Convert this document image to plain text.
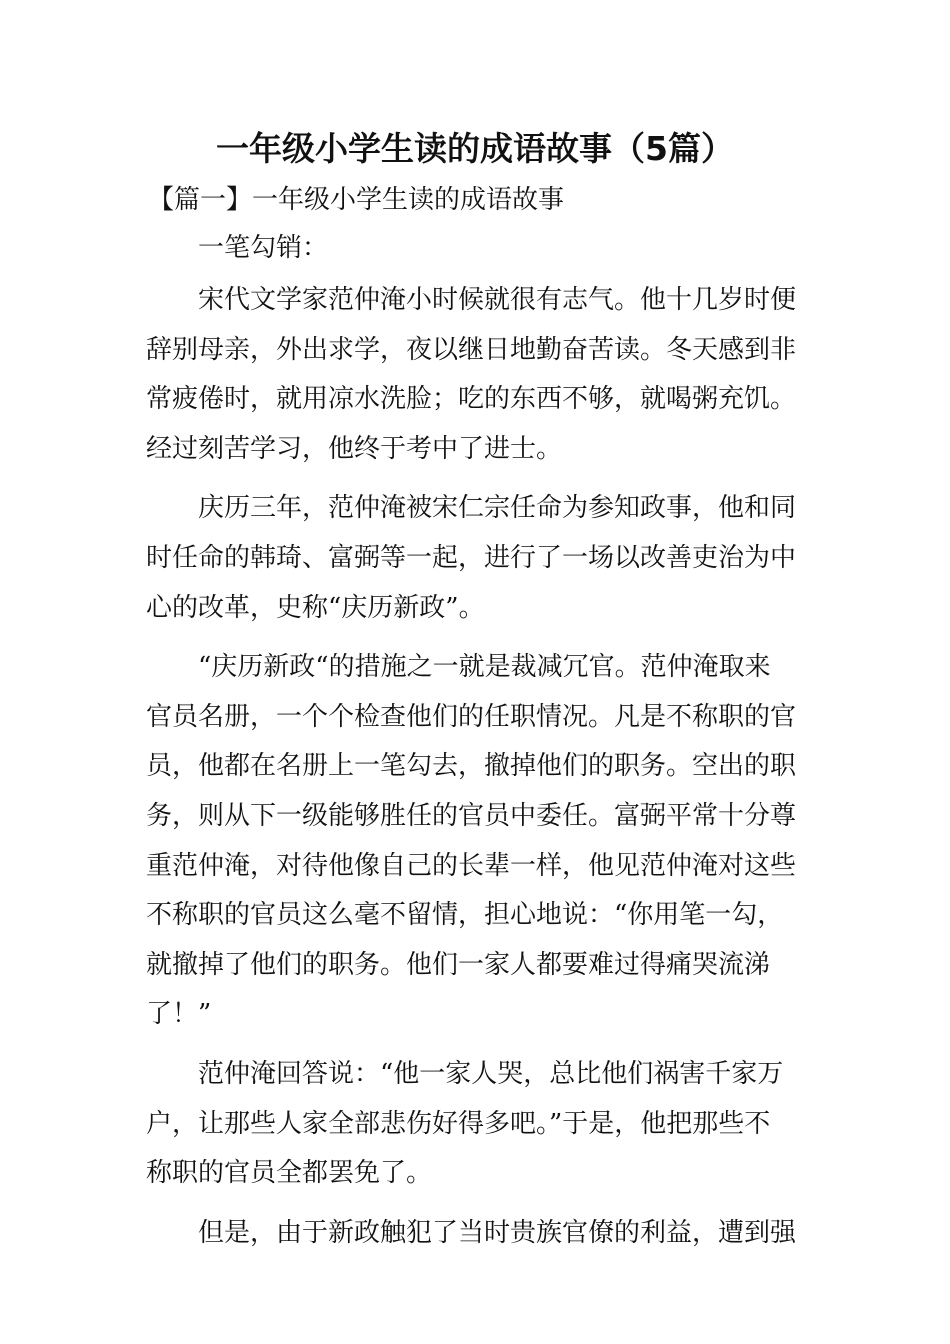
一年级小学生读的成语故事（5篇）

【篇一】一年级小学生读的成语故事

一笔勾销：

宋代文学家范仲淹小时候就很有志气。他十几岁时便
辞别母亲，外出求学，夜以继日地勤奋苦读。冬天感到非
常疲倦时，就用凉水洗脸；吃的东西不够，就喝粥充饥。
经过刻苦学习，他终于考中了进士。

庆历三年，范仲淹被宋仁宗任命为参知政事，他和同
时任命的韩琦、富弼等一起，进行了一场以改善吏治为中
心的改革，史称“庆历新政”。

“庆历新政“的措施之一就是裁减冗官。范仲淹取来
官员名册，一个个检查他们的任职情况。凡是不称职的官
员，他都在名册上一笔勾去，撤掉他们的职务。空出的职
务，则从下一级能够胜任的官员中委任。富弼平常十分尊
重范仲淹，对待他像自己的长辈一样，他见范仲淹对这些
不称职的官员这么毫不留情，担心地说：“你用笔一勾，
就撤掉了他们的职务。他们一家人都要难过得痛哭流涕
了！”

范仲淹回答说：“他一家人哭，总比他们祸害千家万
户，让那些人家全部悲伤好得多吧。”于是，他把那些不
称职的官员全都罢免了。

但是，由于新政触犯了当时贵族官僚的利益，遭到强
